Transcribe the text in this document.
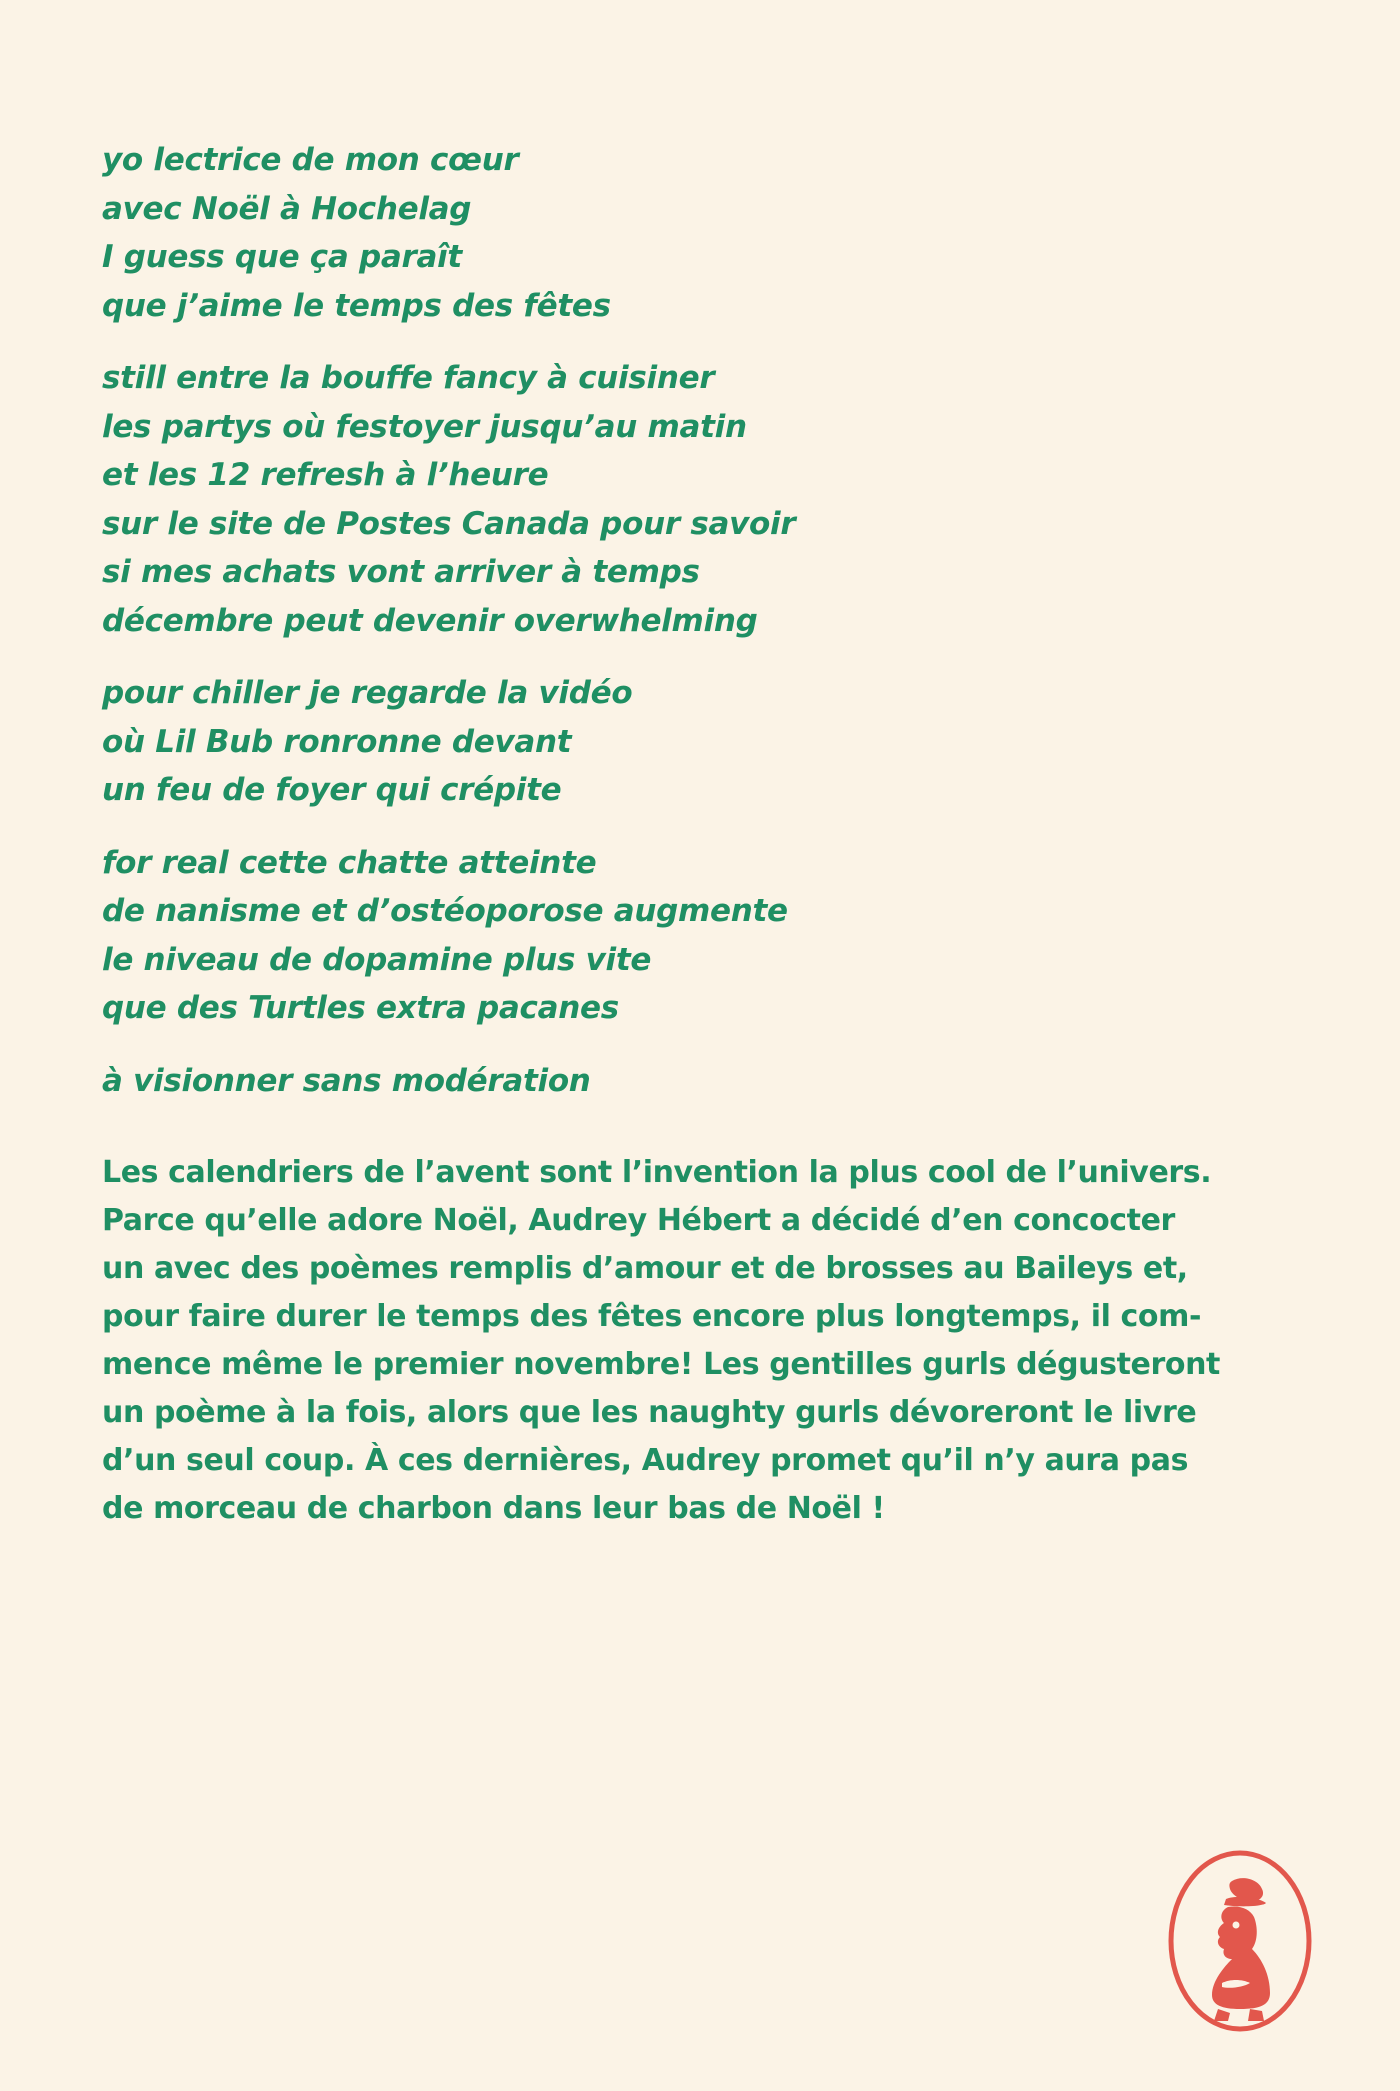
yo lectrice de mon cœur
avec Noël à Hochelag
I guess que ça paraît
que j’aime le temps des fêtes
still entre la bouffe fancy à cuisiner
les partys où festoyer jusqu’au matin
et les 12 refresh à l’heure
sur le site de Postes Canada pour savoir
si mes achats vont arriver à temps
décembre peut devenir overwhelming
pour chiller je regarde la vidéo
où Lil Bub ronronne devant
un feu de foyer qui crépite
for real cette chatte atteinte
de nanisme et d’ostéoporose augmente
le niveau de dopamine plus vite
que des Turtles extra pacanes
à visionner sans modération
Les calendriers de l’avent sont l’invention la plus cool de l’univers.
Parce qu’elle adore Noël, Audrey Hébert a décidé d’en concocter
un avec des poèmes remplis d’amour et de brosses au Baileys et,
pour faire durer le temps des fêtes encore plus longtemps, il com-
mence même le premier novembre! Les gentilles gurls dégusteront
un poème à la fois, alors que les naughty gurls dévoreront le livre
d’un seul coup. À ces dernières, Audrey promet qu’il n’y aura pas
de morceau de charbon dans leur bas de Noël !
